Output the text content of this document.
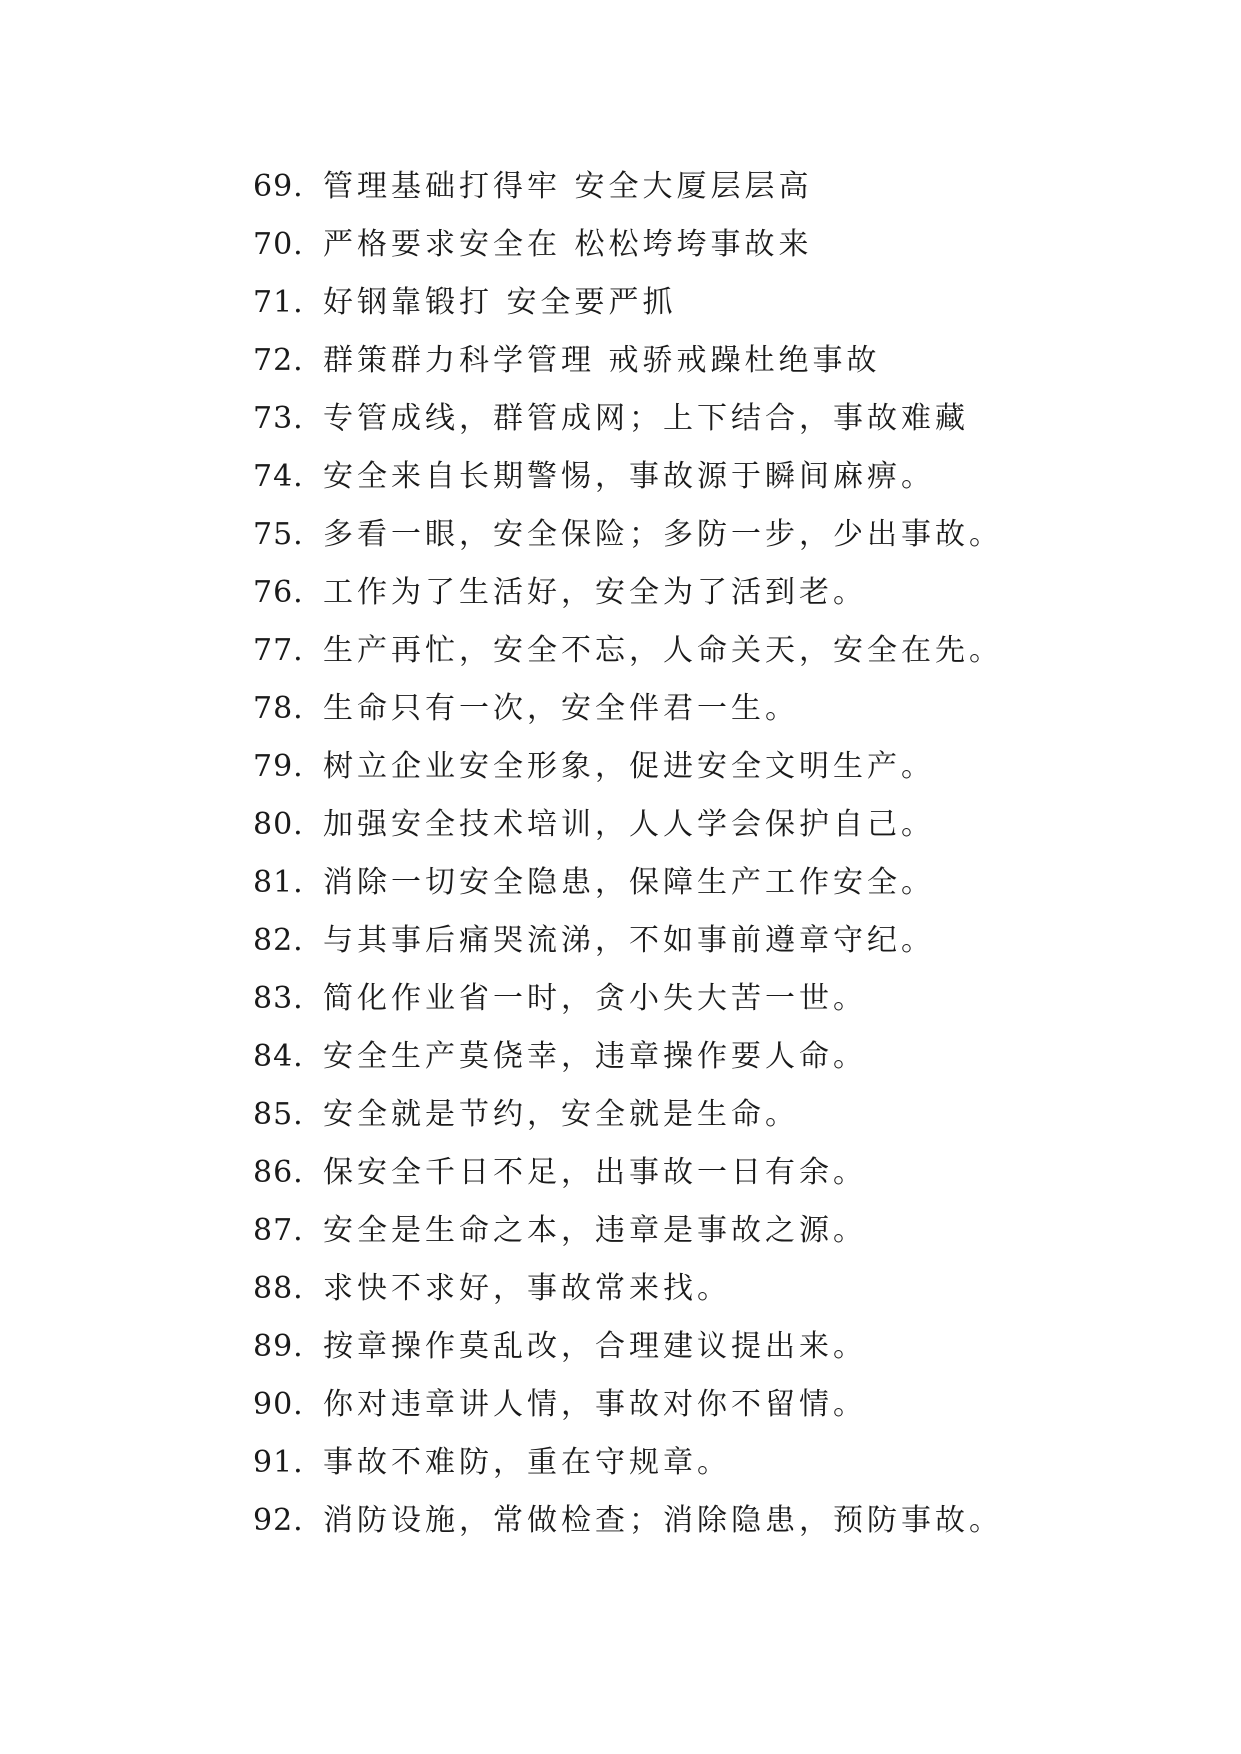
69. 管理基础打得牢 安全大厦层层高
70. 严格要求安全在 松松垮垮事故来
71. 好钢靠锻打 安全要严抓
72. 群策群力科学管理 戒骄戒躁杜绝事故
73. 专管成线，群管成网；上下结合，事故难藏
74. 安全来自长期警惕，事故源于瞬间麻痹。
75. 多看一眼，安全保险；多防一步，少出事故。
76. 工作为了生活好，安全为了活到老。
77. 生产再忙，安全不忘，人命关天，安全在先。
78. 生命只有一次，安全伴君一生。
79. 树立企业安全形象，促进安全文明生产。
80. 加强安全技术培训，人人学会保护自己。
81. 消除一切安全隐患，保障生产工作安全。
82. 与其事后痛哭流涕，不如事前遵章守纪。
83. 简化作业省一时，贪小失大苦一世。
84. 安全生产莫侥幸，违章操作要人命。
85. 安全就是节约，安全就是生命。
86. 保安全千日不足，出事故一日有余。
87. 安全是生命之本，违章是事故之源。
88. 求快不求好，事故常来找。
89. 按章操作莫乱改，合理建议提出来。
90. 你对违章讲人情，事故对你不留情。
91. 事故不难防，重在守规章。
92. 消防设施，常做检查；消除隐患，预防事故。
